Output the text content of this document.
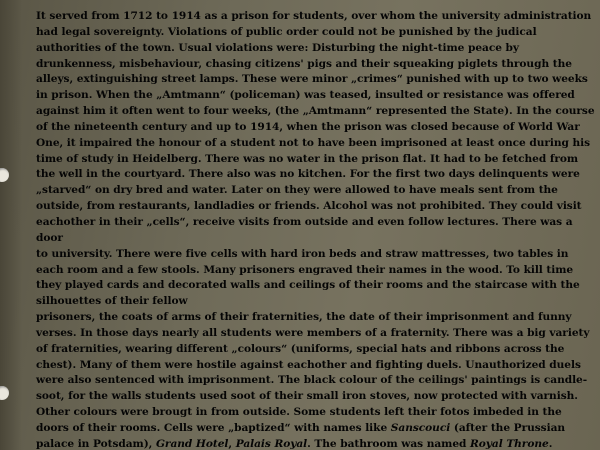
It served from 1712 to 1914 as a prison for students, over whom the university administration
had legal sovereignty. Violations of public order could not be punished by the judical
authorities of the town. Usual violations were: Disturbing the night-time peace by
drunkenness, misbehaviour, chasing citizens' pigs and their squeaking piglets through the
alleys, extinguishing street lamps. These were minor „crimes“ punished with up to two weeks
in prison. When the „Amtmann“ (policeman) was teased, insulted or resistance was offered
against him it often went to four weeks, (the „Amtmann“ represented the State). In the course
of the nineteenth century and up to 1914, when the prison was closed because of World War
One, it impaired the honour of a student not to have been imprisoned at least once during his
time of study in Heidelberg. There was no water in the prison flat. It had to be fetched from
the well in the courtyard. There also was no kitchen. For the first two days delinquents were
„starved“ on dry bred and water. Later on they were allowed to have meals sent from the
outside, from restaurants, landladies or friends. Alcohol was not prohibited. They could visit
eachother in their „cells“, receive visits from outside and even follow lectures. There was a
door
to university. There were five cells with hard iron beds and straw mattresses, two tables in
each room and a few stools. Many prisoners engraved their names in the wood. To kill time
they played cards and decorated walls and ceilings of their rooms and the staircase with the
silhouettes of their fellow
prisoners, the coats of arms of their fraternities, the date of their imprisonment and funny
verses. In those days nearly all students were members of a fraternity. There was a big variety
of fraternities, wearing different „colours“ (uniforms, special hats and ribbons across the
chest). Many of them were hostile against eachother and fighting duels. Unauthorized duels
were also sentenced with imprisonment. The black colour of the ceilings' paintings is candle-
soot, for the walls students used soot of their small iron stoves, now protected with varnish.
Other colours were brougt in from outside. Some students left their fotos imbeded in the
doors of their rooms. Cells were „baptized“ with names like Sanscouci (after the Prussian
palace in Potsdam), Grand Hotel, Palais Royal. The bathroom was named Royal Throne.
